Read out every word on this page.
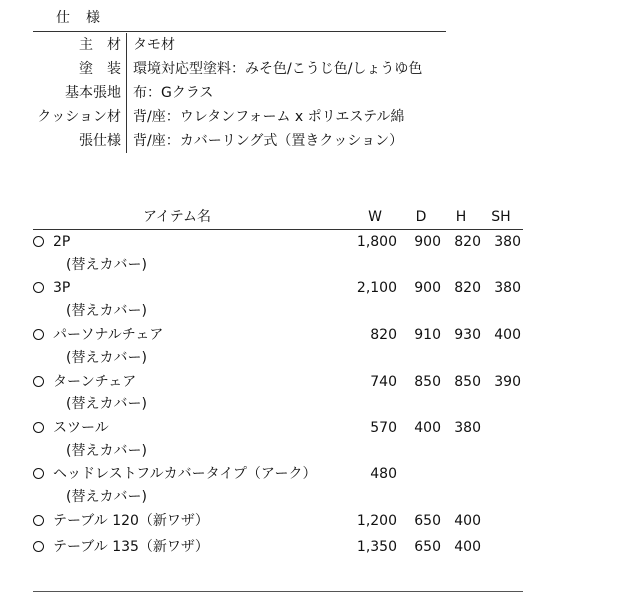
仕　様
主　材 タモ材
塗　装 環境対応型塗料：みそ色/こうじ色/しょうゆ色
基本張地 布：Gクラス
クッション材 背/座：ウレタンフォーム x ポリエステル綿
張仕様 背/座：カバーリング式（置きクッション）
アイテム名	W	D	H	SH
2P	1,800	900 820 380
(替えカバー)
3P	2,100	900 820 380
(替えカバー)
パーソナルチェア	820	910 930 400
(替えカバー)
ターンチェア	740	850 850 390
(替えカバー)
スツール	570	400 380
(替えカバー)
ヘッドレストフルカバータイプ（アーク）	480
(替えカバー)
テーブル 120（新ワザ）	1,200	650 400
テーブル 135（新ワザ）	1,350	650 400
